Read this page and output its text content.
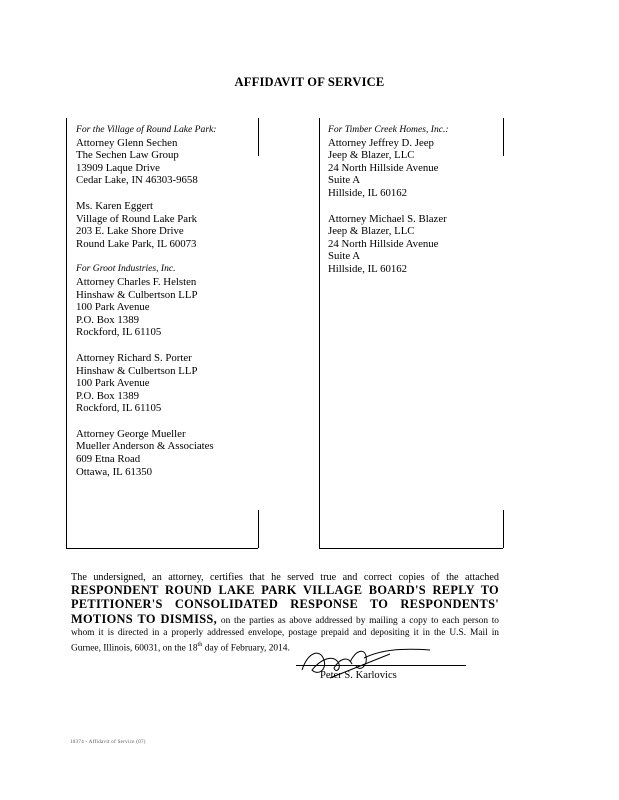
AFFIDAVIT OF SERVICE
For the Village of Round Lake Park:
Attorney Glenn Sechen
The Sechen Law Group
13909 Laque Drive
Cedar Lake, IN 46303-9658
Ms. Karen Eggert
Village of Round Lake Park
203 E. Lake Shore Drive
Round Lake Park, IL 60073
For Groot Industries, Inc.
Attorney Charles F. Helsten
Hinshaw & Culbertson LLP
100 Park Avenue
P.O. Box 1389
Rockford, IL 61105
Attorney Richard S. Porter
Hinshaw & Culbertson LLP
100 Park Avenue
P.O. Box 1389
Rockford, IL 61105
Attorney George Mueller
Mueller Anderson & Associates
609 Etna Road
Ottawa, IL 61350
For Timber Creek Homes, Inc.:
Attorney Jeffrey D. Jeep
Jeep & Blazer, LLC
24 North Hillside Avenue
Suite A
Hillside, IL 60162
Attorney Michael S. Blazer
Jeep & Blazer, LLC
24 North Hillside Avenue
Suite A
Hillside, IL 60162
The undersigned, an attorney, certifies that he served true and correct copies of the attached RESPONDENT ROUND LAKE PARK VILLAGE BOARD'S REPLY TO PETITIONER'S CONSOLIDATED RESPONSE TO RESPONDENTS' MOTIONS TO DISMISS, on the parties as above addressed by mailing a copy to each person to whom it is directed in a properly addressed envelope, postage prepaid and depositing it in the U.S. Mail in Gurnee, Illinois, 60031, on the 18th day of February, 2014.
Peter S. Karlovics
10374 - Affidavit of Service (07)
